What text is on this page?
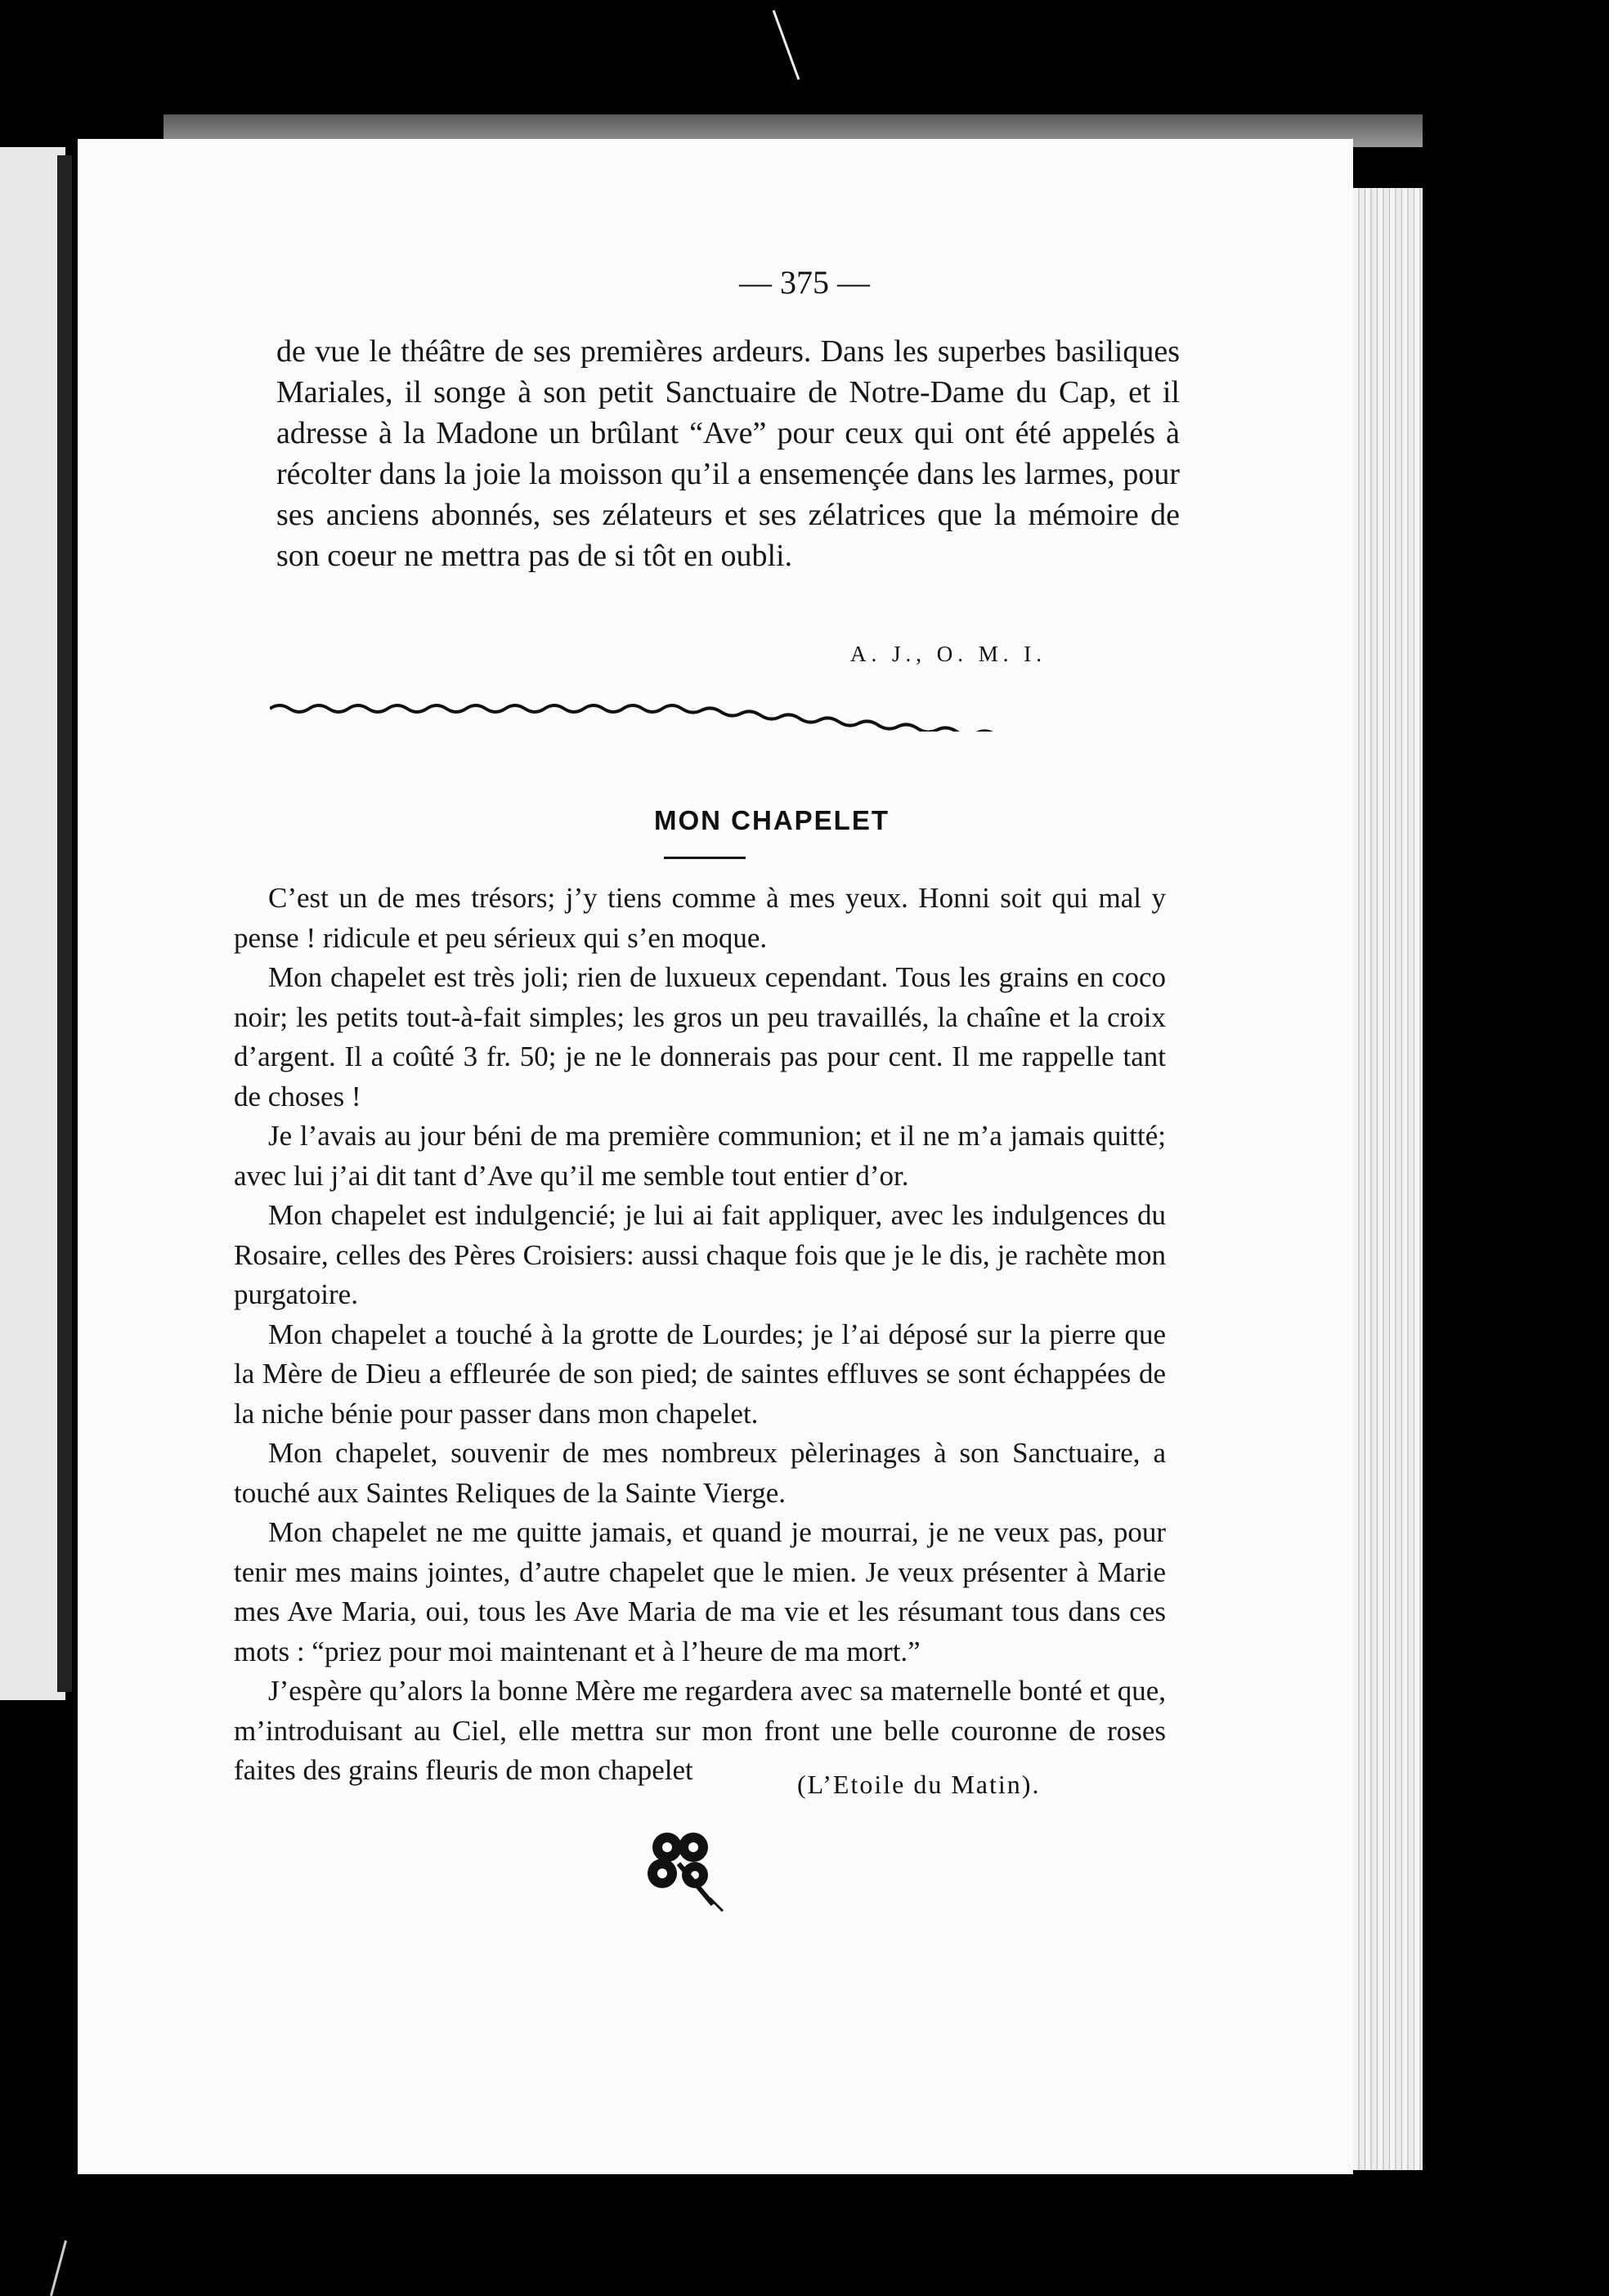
— 375 —

de vue le théâtre de ses premières ardeurs. Dans les superbes basiliques Mariales, il songe à son petit Sanctuaire de Notre-Dame du Cap, et il adresse à la Madone un brûlant “Ave” pour ceux qui ont été appelés à récolter dans la joie la moisson qu’il a ensemençée dans les larmes, pour ses anciens abonnés, ses zélateurs et ses zélatrices que la mémoire de son coeur ne mettra pas de si tôt en oubli.

A. J., O. M. I.
MON CHAPELET

C’est un de mes trésors; j’y tiens comme à mes yeux. Honni soit qui mal y pense ! ridicule et peu sérieux qui s’en moque.

Mon chapelet est très joli; rien de luxueux cependant. Tous les grains en coco noir; les petits tout-à-fait simples; les gros un peu travaillés, la chaîne et la croix d’argent. Il a coûté 3 fr. 50; je ne le donnerais pas pour cent. Il me rappelle tant de choses !

Je l’avais au jour béni de ma première communion; et il ne m’a jamais quitté; avec lui j’ai dit tant d’Ave qu’il me semble tout entier d’or.

Mon chapelet est indulgencié; je lui ai fait appliquer, avec les indulgences du Rosaire, celles des Pères Croisiers: aussi chaque fois que je le dis, je rachète mon purgatoire.

Mon chapelet a touché à la grotte de Lourdes; je l’ai déposé sur la pierre que la Mère de Dieu a effleurée de son pied; de saintes effluves se sont échappées de la niche bénie pour passer dans mon chapelet.

Mon chapelet, souvenir de mes nombreux pèlerinages à son Sanctuaire, a touché aux Saintes Reliques de la Sainte Vierge.

Mon chapelet ne me quitte jamais, et quand je mourrai, je ne veux pas, pour tenir mes mains jointes, d’autre chapelet que le mien. Je veux présenter à Marie mes Ave Maria, oui, tous les Ave Maria de ma vie et les résumant tous dans ces mots : “priez pour moi maintenant et à l’heure de ma mort.”

J’espère qu’alors la bonne Mère me regardera avec sa maternelle bonté et que, m’introduisant au Ciel, elle mettra sur mon front une belle couronne de roses faites des grains fleuris de mon chapelet	(L’Etoile du Matin).
